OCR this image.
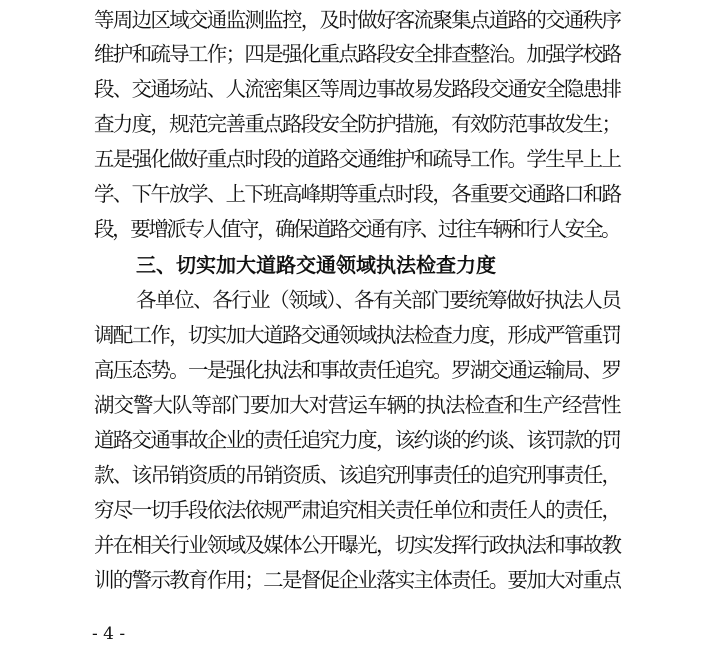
等周边区域交通监测监控，及时做好客流聚集点道路的交通秩序
维护和疏导工作；四是强化重点路段安全排查整治。加强学校路
段、交通场站、人流密集区等周边事故易发路段交通安全隐患排
查力度，规范完善重点路段安全防护措施，有效防范事故发生；
五是强化做好重点时段的道路交通维护和疏导工作。学生早上上
学、下午放学、上下班高峰期等重点时段，各重要交通路口和路
段，要增派专人值守，确保道路交通有序、过往车辆和行人安全。
三、切实加大道路交通领域执法检查力度
各单位、各行业（领域）、各有关部门要统筹做好执法人员
调配工作，切实加大道路交通领域执法检查力度，形成严管重罚
高压态势。一是强化执法和事故责任追究。罗湖交通运输局、罗
湖交警大队等部门要加大对营运车辆的执法检查和生产经营性
道路交通事故企业的责任追究力度，该约谈的约谈、该罚款的罚
款、该吊销资质的吊销资质、该追究刑事责任的追究刑事责任，
穷尽一切手段依法依规严肃追究相关责任单位和责任人的责任，
并在相关行业领域及媒体公开曝光，切实发挥行政执法和事故教
训的警示教育作用；二是督促企业落实主体责任。要加大对重点
- 4 -
